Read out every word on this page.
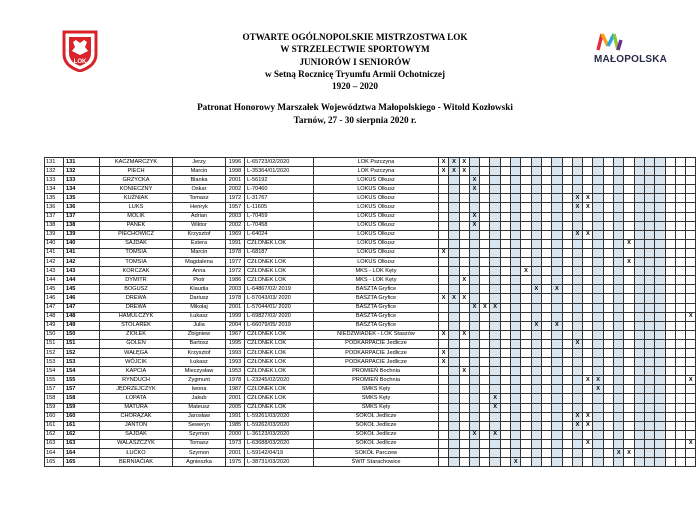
LOK	MAŁOPOLSKA
OTWARTE OGÓLNOPOLSKIE MISTRZOSTWA LOK
W STRZELECTWIE SPORTOWYM
JUNIORÓW I SENIORÓW
w Setną Rocznicę Tryumfu Armii Ochotniczej
1920 – 2020
Patronat Honorowy Marszałek Województwa Małopolskiego - Witold Kozłowski
Tarnów, 27 - 30 sierpnia 2020 r.
131	131	KACZMARCZYK	Jerzy	1996	L-65723/02/2020	LOK Pszczyna	X	X	X																						
132	132	PIECH	Marcin	1998	L-35364/01/2020	LOK Pszczyna	X	X	X																						
133	133	GRZYCKA	Blanka	2001	L-56192	LOKUS Olkusz				X																					
134	134	KONIECZNY	Oskar	2002	L-70460	LOKUS Olkusz				X																					
135	135	KUŹNIAK	Tomasz	1972	L-31767	LOKUS Olkusz														X	X										
136	136	LUKS	Henryk	1957	L-11605	LOKUS Olkusz														X	X										
137	137	MOLIK	Adrian	2003	L-70459	LOKUS Olkusz				X																					
138	138	PANEK	Wiktor	2002	L-70458	LOKUS Olkusz				X																					
139	139	PIECHOWICZ	Krzysztof	1969	L-64024	LOKUS Olkusz														X	X										
140	140	SAJDAK	Estera	1991	CZŁONEK LOK	LOKUS Olkusz																			X						
141	141	TOMSIA	Marcin	1978	L-68187	LOKUS Olkusz	X																								
142	142	TOMSIA	Magdalena	1977	CZŁONEK LOK	LOKUS Olkusz																			X						
143	143	KORCZAK	Anna	1972	CZŁONEK LOK	MKS - LOK Kęty									X																
144	144	DYMITR	Piotr	1986	CZŁONEK LOK	MKS - LOK Kęty			X																						
145	145	BOGUSZ	Klaudia	2003	L-64867/02/ 2019	BASZTA Gryfice										X		X													
146	146	DREWA	Dariusz	1978	L-57043/03/ 2020	BASZTA Gryfice	X	X	X																						
147	147	DREWA	Mikołaj	2001	L-57044/01/ 2020	BASZTA Gryfice				X	X	X																			
148	148	HAMULCZYK	Łukasz	1999	L-69827/02/ 2020	BASZTA Gryfice																									X
149	149	STOLAREK	Julia	2004	L-66079/05/ 2019	BASZTA Gryfice										X		X													
150	150	ZIÓŁEK	Zbigniew	1967	CZŁONEK LOK	NIEDŹWIADEK - LOK Staszów	X		X																						
151	151	GOLEN	Bartosz	1995	CZŁONEK LOK	PODKARPACIE Jedlicze														X											
152	152	WAŁĘGA	Krzysztof	1993	CZŁONEK LOK	PODKARPACIE Jedlicze	X																								
153	153	WÓJCIK	Łukasz	1993	CZŁONEK LOK	PODKARPACIE Jedlicze	X																								
154	154	KAPCIA	Mieczysław	1953	CZŁONEK LOK	PROMIEŃ Bochnia			X																						
155	155	RYNDUCH	Zygmunt	1978	L-23245/02/2020	PROMIEŃ Bochnia															X	X									X
157	157	JĘDRZEJCZYK	Iwona	1987	CZŁONEK LOK	SMKS Kęty																X									
158	158	ŁOPATA	Jakub	2001	CZŁONEK LOK	SMKS Kęty						X																			
159	159	MATURA	Mateusz	2005	CZŁONEK LOK	SMKS Kęty						X																			
160	160	CHORĄŻAK	Jarosław	1991	L-59261/03/2020	SOKÓŁ Jedlicze														X	X										
161	161	JANTOŃ	Seweryn	1985	L-59262/03/2020	SOKÓŁ Jedlicze														X	X										
162	162	SAJDAK	Szymon	2000	L-36123/03/2020	SOKÓŁ Jedlicze				X		X																			
163	163	WALASZCZYK	Tomasz	1973	L-63688/03/2020	SOKÓŁ Jedlicze															X										X
164	164	ŁUĆKO	Szymon	2001	L-59142/04/19	SOKÓŁ Parczew																		X	X						
165	165	BERNIAĆIAK	Agnieszka	1975	L-38731/03/2020	ŚWIT Starachowice								X																	
